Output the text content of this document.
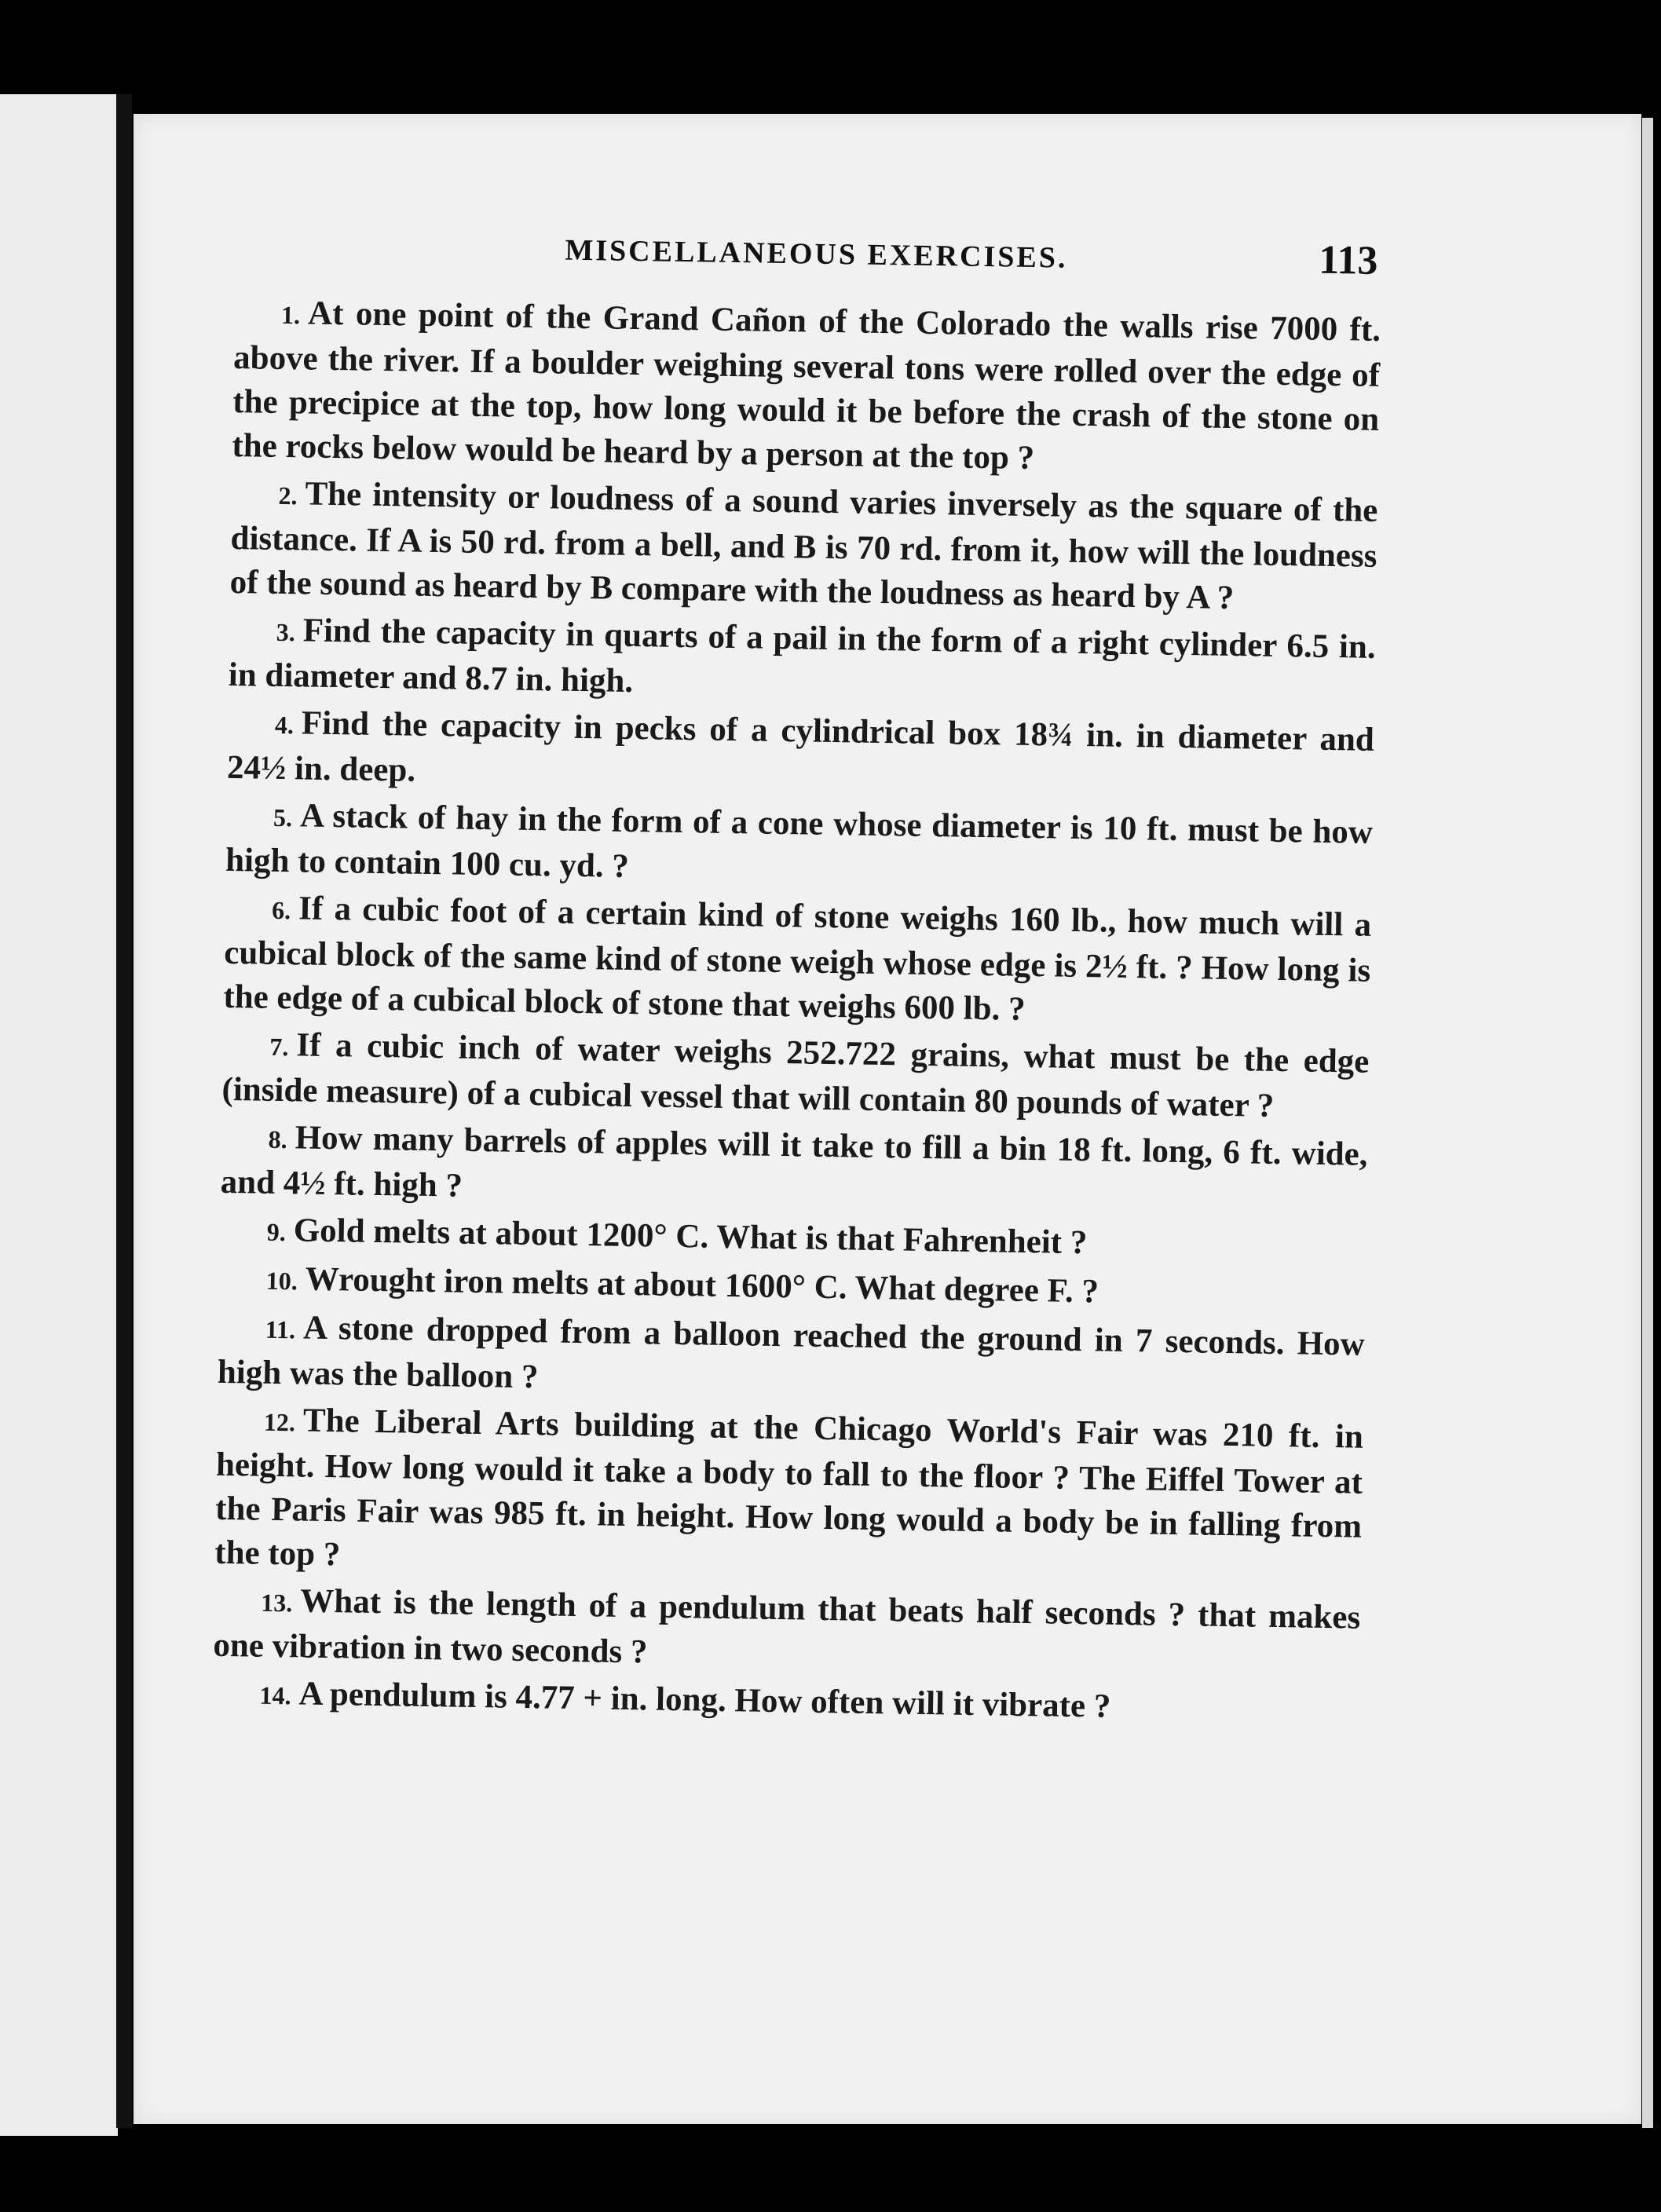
MISCELLANEOUS EXERCISES.	113

1. At one point of the Grand Cañon of the Colorado the walls rise 7000 ft. above the river. If a boulder weighing several tons were rolled over the edge of the precipice at the top, how long would it be before the crash of the stone on the rocks below would be heard by a person at the top ?

2. The intensity or loudness of a sound varies inversely as the square of the distance. If A is 50 rd. from a bell, and B is 70 rd. from it, how will the loudness of the sound as heard by B compare with the loudness as heard by A ?

3. Find the capacity in quarts of a pail in the form of a right cylinder 6.5 in. in diameter and 8.7 in. high.

4. Find the capacity in pecks of a cylindrical box 18¾ in. in diameter and 24½ in. deep.

5. A stack of hay in the form of a cone whose diameter is 10 ft. must be how high to contain 100 cu. yd. ?

6. If a cubic foot of a certain kind of stone weighs 160 lb., how much will a cubical block of the same kind of stone weigh whose edge is 2½ ft. ? How long is the edge of a cubical block of stone that weighs 600 lb. ?

7. If a cubic inch of water weighs 252.722 grains, what must be the edge (inside measure) of a cubical vessel that will contain 80 pounds of water ?

8. How many barrels of apples will it take to fill a bin 18 ft. long, 6 ft. wide, and 4½ ft. high ?

9. Gold melts at about 1200° C. What is that Fahrenheit ?

10. Wrought iron melts at about 1600° C. What degree F. ?

11. A stone dropped from a balloon reached the ground in 7 seconds. How high was the balloon ?

12. The Liberal Arts building at the Chicago World's Fair was 210 ft. in height. How long would it take a body to fall to the floor ? The Eiffel Tower at the Paris Fair was 985 ft. in height. How long would a body be in falling from the top ?

13. What is the length of a pendulum that beats half seconds ? that makes one vibration in two seconds ?

14. A pendulum is 4.77 + in. long. How often will it vibrate ?
